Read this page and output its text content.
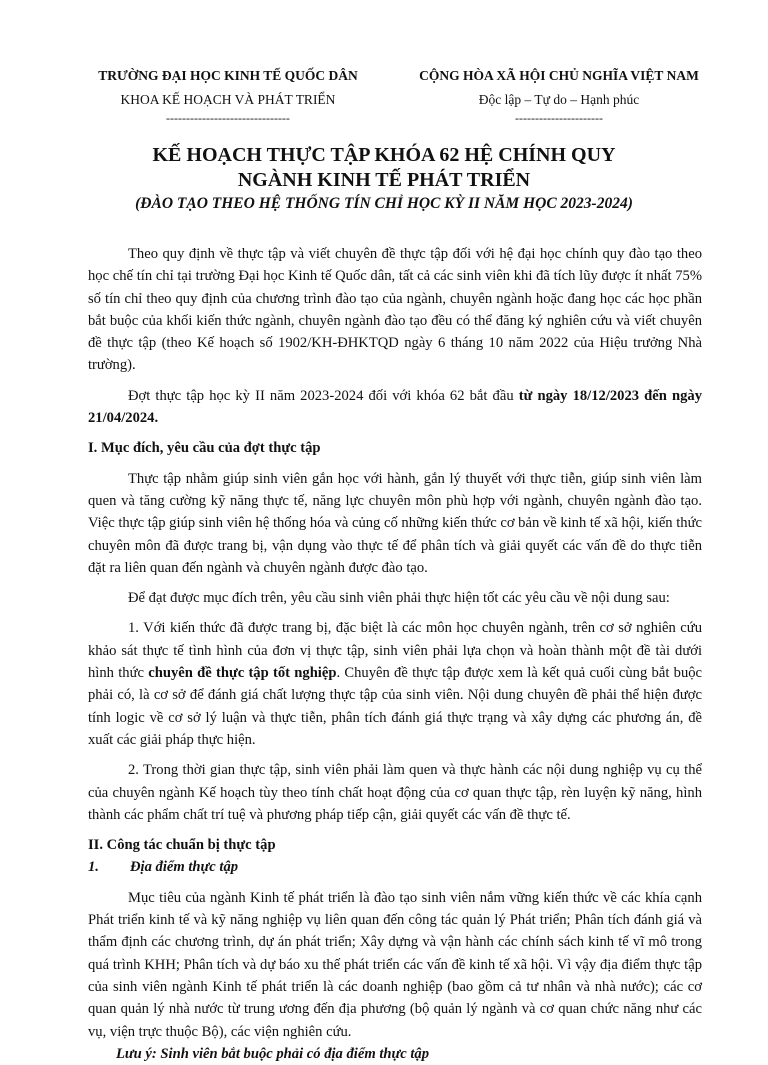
TRƯỜNG ĐẠI HỌC KINH TẾ QUỐC DÂN
KHOA KẾ HOẠCH VÀ PHÁT TRIỂN
-------------------------------
CỘNG HÒA XÃ HỘI CHỦ NGHĨA VIỆT NAM
Độc lập – Tự do – Hạnh phúc
----------------------
KẾ HOẠCH THỰC TẬP KHÓA 62 HỆ CHÍNH QUY
NGÀNH KINH TẾ PHÁT TRIỂN
(ĐÀO TẠO THEO HỆ THỐNG TÍN CHỈ HỌC KỲ II NĂM HỌC 2023-2024)

Theo quy định về thực tập và viết chuyên đề thực tập đối với hệ đại học chính quy đào tạo theo học chế tín chỉ tại trường Đại học Kinh tế Quốc dân, tất cả các sinh viên khi đã tích lũy được ít nhất 75% số tín chỉ theo quy định của chương trình đào tạo của ngành, chuyên ngành hoặc đang học các học phần bắt buộc của khối kiến thức ngành, chuyên ngành đào tạo đều có thể đăng ký nghiên cứu và viết chuyên đề thực tập (theo Kế hoạch số 1902/KH-ĐHKTQD ngày 6 tháng 10 năm 2022 của Hiệu trưởng Nhà trường).

Đợt thực tập học kỳ II năm 2023-2024 đối với khóa 62 bắt đầu từ ngày 18/12/2023 đến ngày 21/04/2024.

I. Mục đích, yêu cầu của đợt thực tập

Thực tập nhằm giúp sinh viên gắn học với hành, gắn lý thuyết với thực tiễn, giúp sinh viên làm quen và tăng cường kỹ năng thực tế, năng lực chuyên môn phù hợp với ngành, chuyên ngành đào tạo. Việc thực tập giúp sinh viên hệ thống hóa và củng cố những kiến thức cơ bản về kinh tế xã hội, kiến thức chuyên môn đã được trang bị, vận dụng vào thực tế để phân tích và giải quyết các vấn đề do thực tiễn đặt ra liên quan đến ngành và chuyên ngành được đào tạo.

Để đạt được mục đích trên, yêu cầu sinh viên phải thực hiện tốt các yêu cầu về nội dung sau:

1. Với kiến thức đã được trang bị, đặc biệt là các môn học chuyên ngành, trên cơ sở nghiên cứu khảo sát thực tế tình hình của đơn vị thực tập, sinh viên phải lựa chọn và hoàn thành một đề tài dưới hình thức chuyên đề thực tập tốt nghiệp. Chuyên đề thực tập được xem là kết quả cuối cùng bắt buộc phải có, là cơ sở để đánh giá chất lượng thực tập của sinh viên. Nội dung chuyên đề phải thể hiện được tính logic về cơ sở lý luận và thực tiễn, phân tích đánh giá thực trạng và xây dựng các phương án, đề xuất các giải pháp thực hiện.

2. Trong thời gian thực tập, sinh viên phải làm quen và thực hành các nội dung nghiệp vụ cụ thể của chuyên ngành Kế hoạch tùy theo tính chất hoạt động của cơ quan thực tập, rèn luyện kỹ năng, hình thành các phẩm chất trí tuệ và phương pháp tiếp cận, giải quyết các vấn đề thực tế.

II. Công tác chuẩn bị thực tập

1. Địa điểm thực tập

Mục tiêu của ngành Kinh tế phát triển là đào tạo sinh viên nắm vững kiến thức về các khía cạnh Phát triển kinh tế và kỹ năng nghiệp vụ liên quan đến công tác quản lý Phát triển; Phân tích đánh giá và thẩm định các chương trình, dự án phát triển; Xây dựng và vận hành các chính sách kinh tế vĩ mô trong quá trình KHH; Phân tích và dự báo xu thế phát triển các vấn đề kinh tế xã hội. Vì vậy địa điểm thực tập của sinh viên ngành Kinh tế phát triển là các doanh nghiệp (bao gồm cả tư nhân và nhà nước); các cơ quan quản lý nhà nước từ trung ương đến địa phương (bộ quản lý ngành và cơ quan chức năng như các vụ, viện trực thuộc Bộ), các viện nghiên cứu.

Lưu ý: Sinh viên bắt buộc phải có địa điểm thực tập
